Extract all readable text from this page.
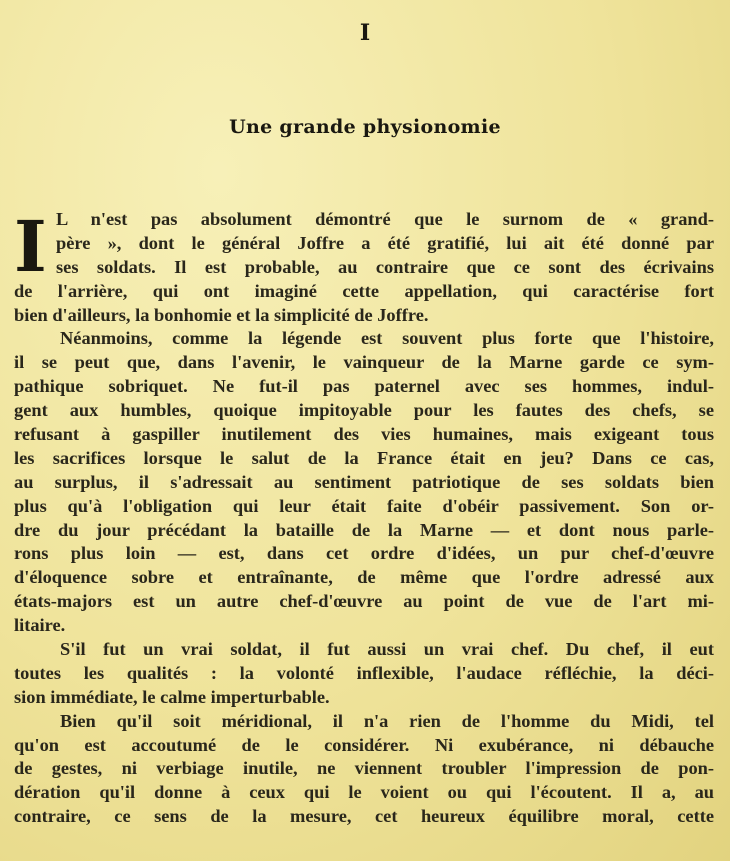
I
Une grande physionomie
I L n'est pas absolument démontré que le surnom de « grand-
père », dont le général Joffre a été gratifié, lui ait été donné par
ses soldats. Il est probable, au contraire que ce sont des écrivains
de l'arrière, qui ont imaginé cette appellation, qui caractérise fort
bien d'ailleurs, la bonhomie et la simplicité de Joffre.
Néanmoins, comme la légende est souvent plus forte que l'histoire,
il se peut que, dans l'avenir, le vainqueur de la Marne garde ce sym-
pathique sobriquet. Ne fut-il pas paternel avec ses hommes, indul-
gent aux humbles, quoique impitoyable pour les fautes des chefs, se
refusant à gaspiller inutilement des vies humaines, mais exigeant tous
les sacrifices lorsque le salut de la France était en jeu? Dans ce cas,
au surplus, il s'adressait au sentiment patriotique de ses soldats bien
plus qu'à l'obligation qui leur était faite d'obéir passivement. Son or-
dre du jour précédant la bataille de la Marne — et dont nous parle-
rons plus loin — est, dans cet ordre d'idées, un pur chef-d'œuvre
d'éloquence sobre et entraînante, de même que l'ordre adressé aux
états-majors est un autre chef-d'œuvre au point de vue de l'art mi-
litaire.
S'il fut un vrai soldat, il fut aussi un vrai chef. Du chef, il eut
toutes les qualités : la volonté inflexible, l'audace réfléchie, la déci-
sion immédiate, le calme imperturbable.
Bien qu'il soit méridional, il n'a rien de l'homme du Midi, tel
qu'on est accoutumé de le considérer. Ni exubérance, ni débauche
de gestes, ni verbiage inutile, ne viennent troubler l'impression de pon-
dération qu'il donne à ceux qui le voient ou qui l'écoutent. Il a, au
contraire, ce sens de la mesure, cet heureux équilibre moral, cette
